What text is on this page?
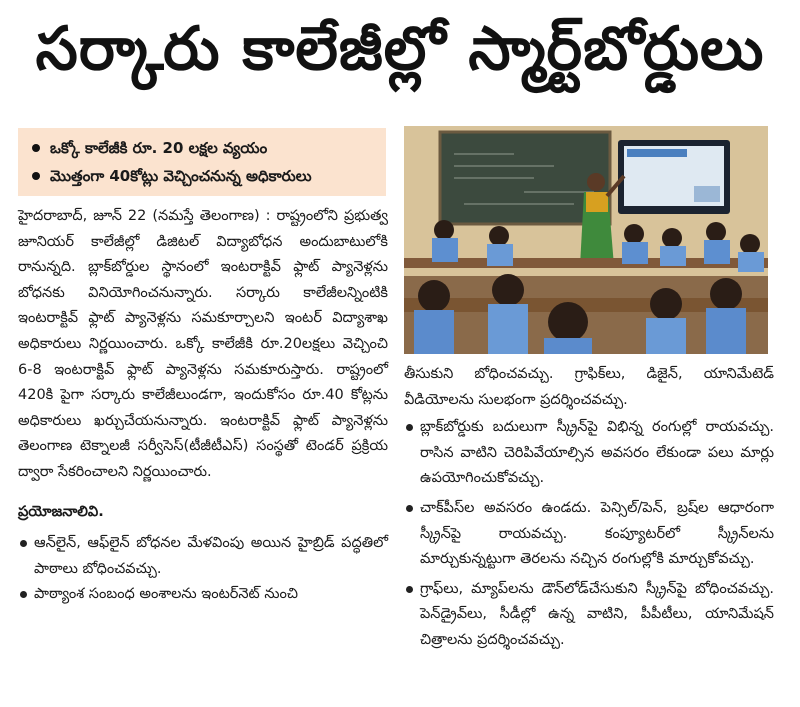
సర్కారు కాలేజీల్లో స్మార్ట్‌బోర్డులు
ఒక్కో కాలేజీకి రూ. 20 లక్షల వ్యయం
మొత్తంగా 40కోట్లు వెచ్చించనున్న అధికారులు

హైదరాబాద్, జూన్ 22 (నమస్తే తెలంగాణ) : రాష్ట్రంలోని ప్రభుత్వ జూనియర్ కాలేజీల్లో డిజిటల్ విద్యాబోధన అందుబాటులోకి రానున్నది. బ్లాక్‌బోర్డుల స్థానంలో ఇంటరాక్టివ్ ఫ్లాట్ ప్యానెళ్లను బోధనకు వినియోగించనున్నారు. సర్కారు కాలేజీలన్నింటికి ఇంటరాక్టివ్ ఫ్లాట్ ప్యానెళ్లను సమకూర్చాలని ఇంటర్ విద్యాశాఖ అధికారులు నిర్ణయించారు. ఒక్కో కాలేజీకి రూ.20లక్షలు వెచ్చించి 6-8 ఇంటరాక్టివ్ ఫ్లాట్ ప్యానెళ్లను సమకూరుస్తారు. రాష్ట్రంలో 420కి పైగా సర్కారు కాలేజీలుండగా, ఇందుకోసం రూ.40 కోట్లను అధికారులు ఖర్చుచేయనున్నారు. ఇంటరాక్టివ్ ఫ్లాట్ ప్యానెళ్లను తెలంగాణ టెక్నాలజీ సర్వీసెస్(టీజీటీఎస్) సంస్థతో టెండర్ ప్రక్రియ ద్వారా సేకరించాలని నిర్ణయించారు.

ప్రయోజనాలివి.

ఆన్‌లైన్, ఆఫ్‌లైన్ బోధనల మేళవింపు అయిన హైబ్రిడ్ పద్ధతిలో పాఠాలు బోధించవచ్చు.
పాఠ్యాంశ సంబంధ అంశాలను ఇంటర్‌నెట్ నుంచి

తీసుకుని బోధించవచ్చు. గ్రాఫిక్‌లు, డిజైన్, యానిమేటెడ్ వీడియోలను సులభంగా ప్రదర్శించవచ్చు.

బ్లాక్‌బోర్డుకు బదులుగా స్క్రీన్‌పై విభిన్న రంగుల్లో రాయవచ్చు. రాసిన వాటిని చెరిపివేయాల్సిన అవసరం లేకుండా పలు మార్లు ఉపయోగించుకోవచ్చు.
చాక్‌పీస్‌ల అవసరం ఉండదు. పెన్సిల్/పెన్, బ్రష్‌ల ఆధారంగా స్క్రీన్‌పై రాయవచ్చు. కంప్యూటర్‌లో స్క్రీన్‌లను మార్చుకున్నట్టుగా తెరలను నచ్చిన రంగుల్లోకి మార్చుకోవచ్చు.
గ్రాఫ్‌లు, మ్యాప్‌లను డౌన్‌లోడ్‌చేసుకుని స్క్రీన్‌పై బోధించవచ్చు. పెన్‌డ్రైవ్‌లు, సీడీల్లో ఉన్న వాటిని, పీపీటీలు, యానిమేషన్ చిత్రాలను ప్రదర్శించవచ్చు.
